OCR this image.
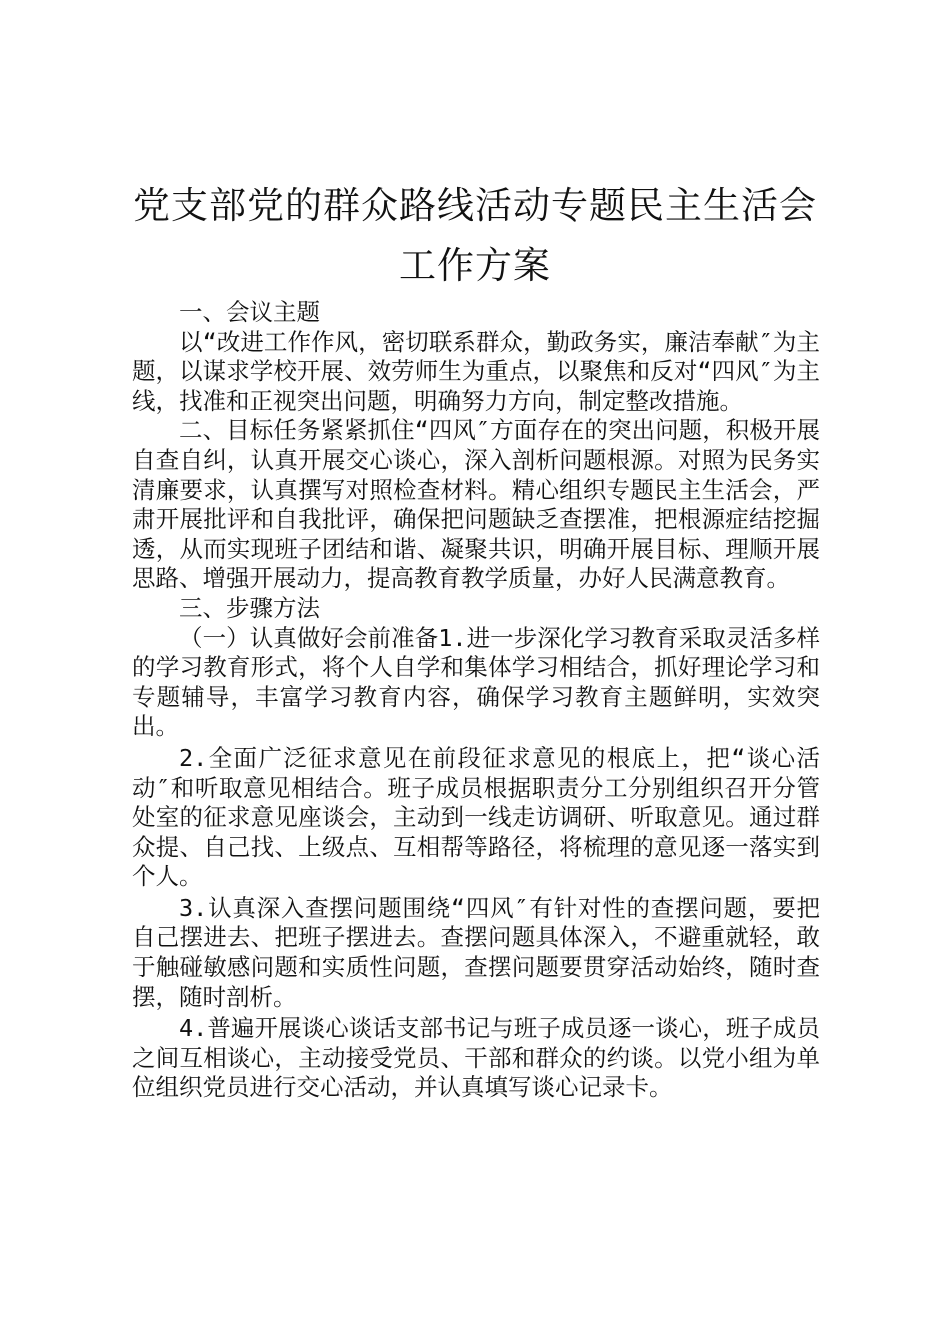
党支部党的群众路线活动专题民主生活会工作方案

一、会议主题

以“改进工作作风，密切联系群众，勤政务实，廉洁奉献″为主题，以谋求学校开展、效劳师生为重点，以聚焦和反对“四风″为主线，找准和正视突出问题，明确努力方向，制定整改措施。

二、目标任务紧紧抓住“四风″方面存在的突出问题，积极开展自查自纠，认真开展交心谈心，深入剖析问题根源。对照为民务实清廉要求，认真撰写对照检查材料。精心组织专题民主生活会，严肃开展批评和自我批评，确保把问题缺乏查摆准，把根源症结挖掘透，从而实现班子团结和谐、凝聚共识，明确开展目标、理顺开展思路、增强开展动力，提高教育教学质量，办好人民满意教育。

三、步骤方法

（一）认真做好会前准备1.进一步深化学习教育采取灵活多样的学习教育形式，将个人自学和集体学习相结合，抓好理论学习和专题辅导，丰富学习教育内容，确保学习教育主题鲜明，实效突出。

2.全面广泛征求意见在前段征求意见的根底上，把“谈心活动″和听取意见相结合。班子成员根据职责分工分别组织召开分管处室的征求意见座谈会，主动到一线走访调研、听取意见。通过群众提、自己找、上级点、互相帮等路径，将梳理的意见逐一落实到个人。

3.认真深入查摆问题围绕“四风″有针对性的查摆问题，要把自己摆进去、把班子摆进去。查摆问题具体深入，不避重就轻，敢于触碰敏感问题和实质性问题，查摆问题要贯穿活动始终，随时查摆，随时剖析。

4.普遍开展谈心谈话支部书记与班子成员逐一谈心，班子成员之间互相谈心，主动接受党员、干部和群众的约谈。以党小组为单位组织党员进行交心活动，并认真填写谈心记录卡。
